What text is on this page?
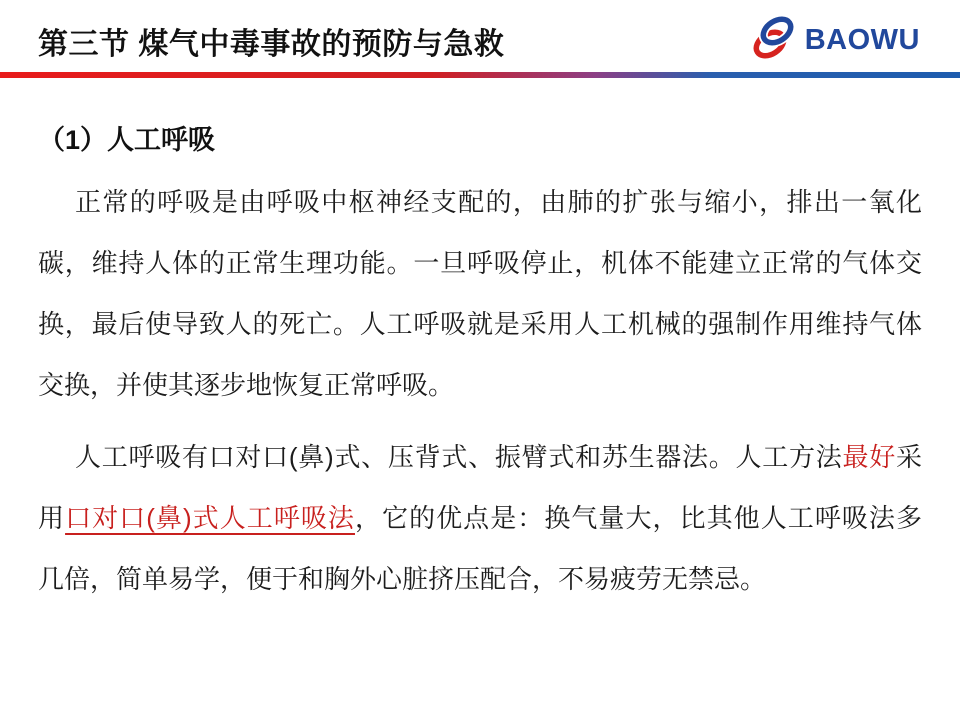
第三节 煤气中毒事故的预防与急救	BAOWU
（1）人工呼吸
正常的呼吸是由呼吸中枢神经支配的，由肺的扩张与缩小，排出一氧化
碳，维持人体的正常生理功能。一旦呼吸停止，机体不能建立正常的气体交
换，最后使导致人的死亡。人工呼吸就是采用人工机械的强制作用维持气体
交换，并使其逐步地恢复正常呼吸。
人工呼吸有口对口(鼻)式、压背式、振臂式和苏生器法。人工方法最好采
用口对口(鼻)式人工呼吸法，它的优点是：换气量大，比其他人工呼吸法多
几倍，简单易学，便于和胸外心脏挤压配合，不易疲劳无禁忌。
